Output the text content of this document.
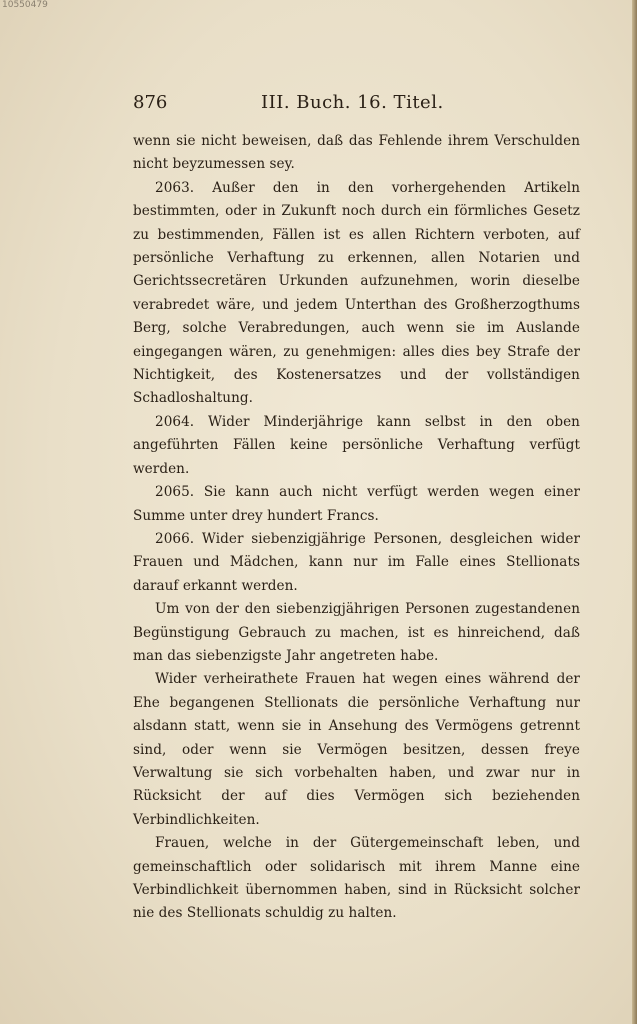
10550479
876	III. Buch. 16. Titel.

wenn sie nicht beweisen, daß das Fehlende ihrem Verschulden nicht beyzumessen sey.

2063. Außer den in den vorhergehenden Artikeln bestimmten, oder in Zukunft noch durch ein förmliches Gesetz zu bestimmenden, Fällen ist es allen Richtern verboten, auf persönliche Verhaftung zu erkennen, allen Notarien und Gerichtssecretären Urkunden aufzunehmen, worin dieselbe verabredet wäre, und jedem Unterthan des Großherzogthums Berg, solche Verabredungen, auch wenn sie im Auslande eingegangen wären, zu genehmigen: alles dies bey Strafe der Nichtigkeit, des Kostenersatzes und der vollständigen Schadloshaltung.

2064. Wider Minderjährige kann selbst in den oben angeführten Fällen keine persönliche Verhaftung verfügt werden.

2065. Sie kann auch nicht verfügt werden wegen einer Summe unter drey hundert Francs.

2066. Wider siebenzigjährige Personen, desgleichen wider Frauen und Mädchen, kann nur im Falle eines Stellionats darauf erkannt werden.

Um von der den siebenzigjährigen Personen zugestandenen Begünstigung Gebrauch zu machen, ist es hinreichend, daß man das siebenzigste Jahr angetreten habe.

Wider verheirathete Frauen hat wegen eines während der Ehe begangenen Stellionats die persönliche Verhaftung nur alsdann statt, wenn sie in Ansehung des Vermögens getrennt sind, oder wenn sie Vermögen besitzen, dessen freye Verwaltung sie sich vorbehalten haben, und zwar nur in Rücksicht der auf dies Vermögen sich beziehenden Verbindlichkeiten.

Frauen, welche in der Gütergemeinschaft leben, und gemeinschaftlich oder solidarisch mit ihrem Manne eine Verbindlichkeit übernommen haben, sind in Rücksicht solcher nie des Stellionats schuldig zu halten.
